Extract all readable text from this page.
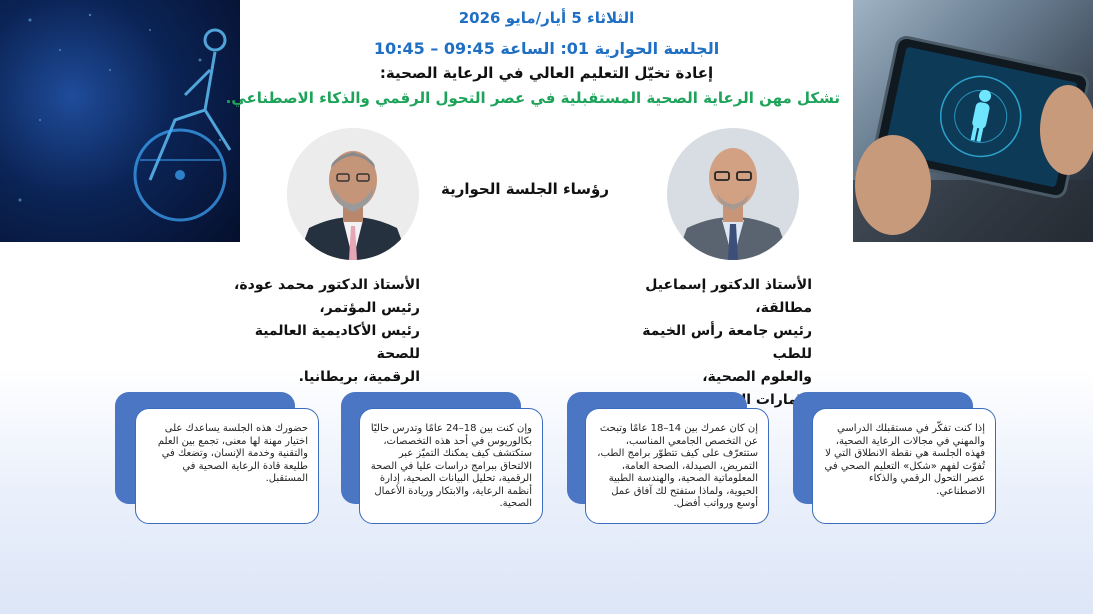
الثلاثاء 5 أيار/مايو 2026
الجلسة الحوارية 01: الساعة 09:45 – 10:45
إعادة تخيّل التعليم العالي في الرعاية الصحية:
تشكل مهن الرعاية الصحية المستقبلية في عصر التحول الرقمي والذكاء الاصطناعي.
رؤساء الجلسة الحوارية
الأستاذ الدكتور محمد عودة،
رئيس المؤتمر،
رئيس الأكاديمية العالمية للصحة
الرقمية، بريطانيا.
الأستاذ الدكتور إسماعيل مطالقة،
رئيس جامعة رأس الخيمة للطب
والعلوم الصحية،
الإمارات
حضورك هذه الجلسة يساعدك على اختيار مهنة لها معنى، تجمع بين العلم والتقنية وخدمة الإنسان، وتضعك في طليعة قادة الرعاية الصحية في المستقبل.
وإن كنت بين 18–24 عامًا وتدرس حاليًا بكالوريوس في أحد هذه التخصصات، ستكتشف كيف يمكنك التميّز عبر الالتحاق ببرامج دراسات عليا في الصحة الرقمية، تحليل البيانات الصحية، إدارة أنظمة الرعاية، والابتكار وريادة الأعمال الصحية.
إن كان عمرك بين 14–18 عامًا وتبحث عن التخصص الجامعي المناسب، ستتعرّف على كيف تتطوّر برامج الطب، التمريض، الصيدلة، الصحة العامة، المعلوماتية الصحية، والهندسة الطبية الحيوية، ولماذا ستفتح لك آفاق عمل أوسع ورواتب أفضل.
إذا كنت تفكّر في مستقبلك الدراسي والمهني في مجالات الرعاية الصحية، فهذه الجلسة هي نقطة الانطلاق التي لا تُفوّت لفهم «شكل» التعليم الصحي في عصر التحول الرقمي والذكاء الاصطناعي.
